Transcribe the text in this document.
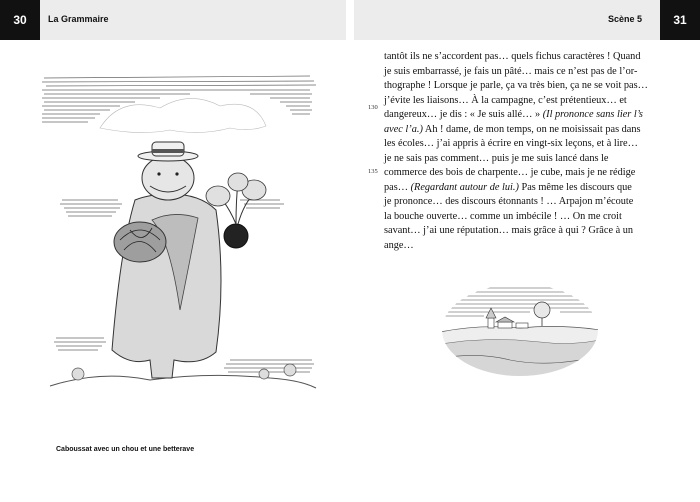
30	La Grammaire	Scène 5	31
Caboussat avec un chou et une betterave
tantôt ils ne s’accordent pas… quels fichus caractères ! Quand
je suis embarrassé, je fais un pâté… mais ce n’est pas de l’or-
thographe ! Lorsque je parle, ça va très bien, ça ne se voit pas…
j’évite les liaisons… À la campagne, c’est prétentieux… et
dangereux… je dis : « Je suis allé… » (Il prononce sans lier l’s
avec l’a.) Ah ! dame, de mon temps, on ne moisissait pas dans
les écoles… j’ai appris à écrire en vingt-six leçons, et à lire…
je ne sais pas comment… puis je me suis lancé dans le
commerce des bois de charpente… je cube, mais je ne rédige
pas… (Regardant autour de lui.) Pas même les discours que
je prononce… des discours étonnants ! … Arpajon m’écoute
la bouche ouverte… comme un imbécile ! … On me croit
savant… j’ai une réputation… mais grâce à qui ? Grâce à un
ange…
130
135
